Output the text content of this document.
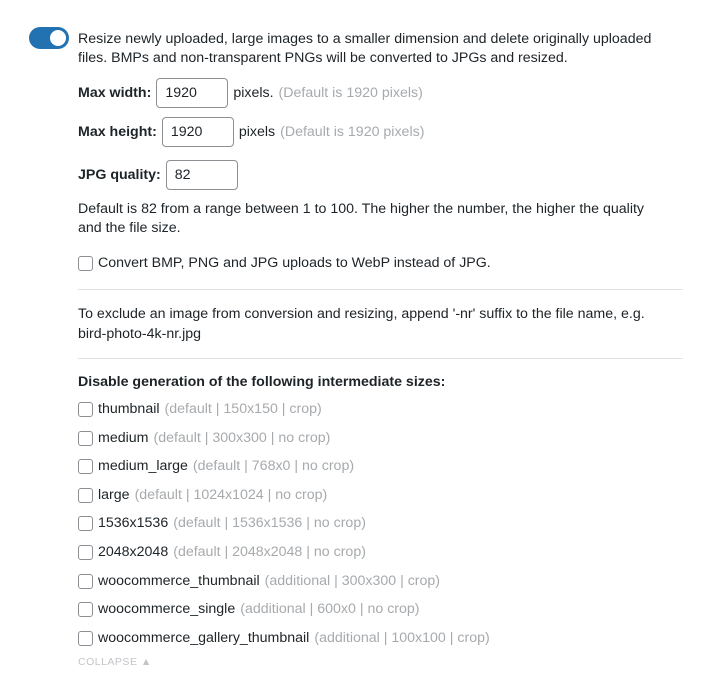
Resize newly uploaded, large images to a smaller dimension and delete originally uploaded
files. BMPs and non-transparent PNGs will be converted to JPGs and resized.
Max width:
1920	pixels. (Default is 1920 pixels)
Max height:
1920	pixels (Default is 1920 pixels)
JPG quality:
82
Default is 82 from a range between 1 to 100. The higher the number, the higher the quality
and the file size.
Convert BMP, PNG and JPG uploads to WebP instead of JPG.
To exclude an image from conversion and resizing, append '-nr' suffix to the file name, e.g.
bird-photo-4k-nr.jpg
Disable generation of the following intermediate sizes:
thumbnail (default | 150x150 | crop)
medium (default | 300x300 | no crop)
medium_large (default | 768x0 | no crop)
large (default | 1024x1024 | no crop)
1536x1536 (default | 1536x1536 | no crop)
2048x2048 (default | 2048x2048 | no crop)
woocommerce_thumbnail (additional | 300x300 | crop)
woocommerce_single (additional | 600x0 | no crop)
woocommerce_gallery_thumbnail (additional | 100x100 | crop)
COLLAPSE ▲
